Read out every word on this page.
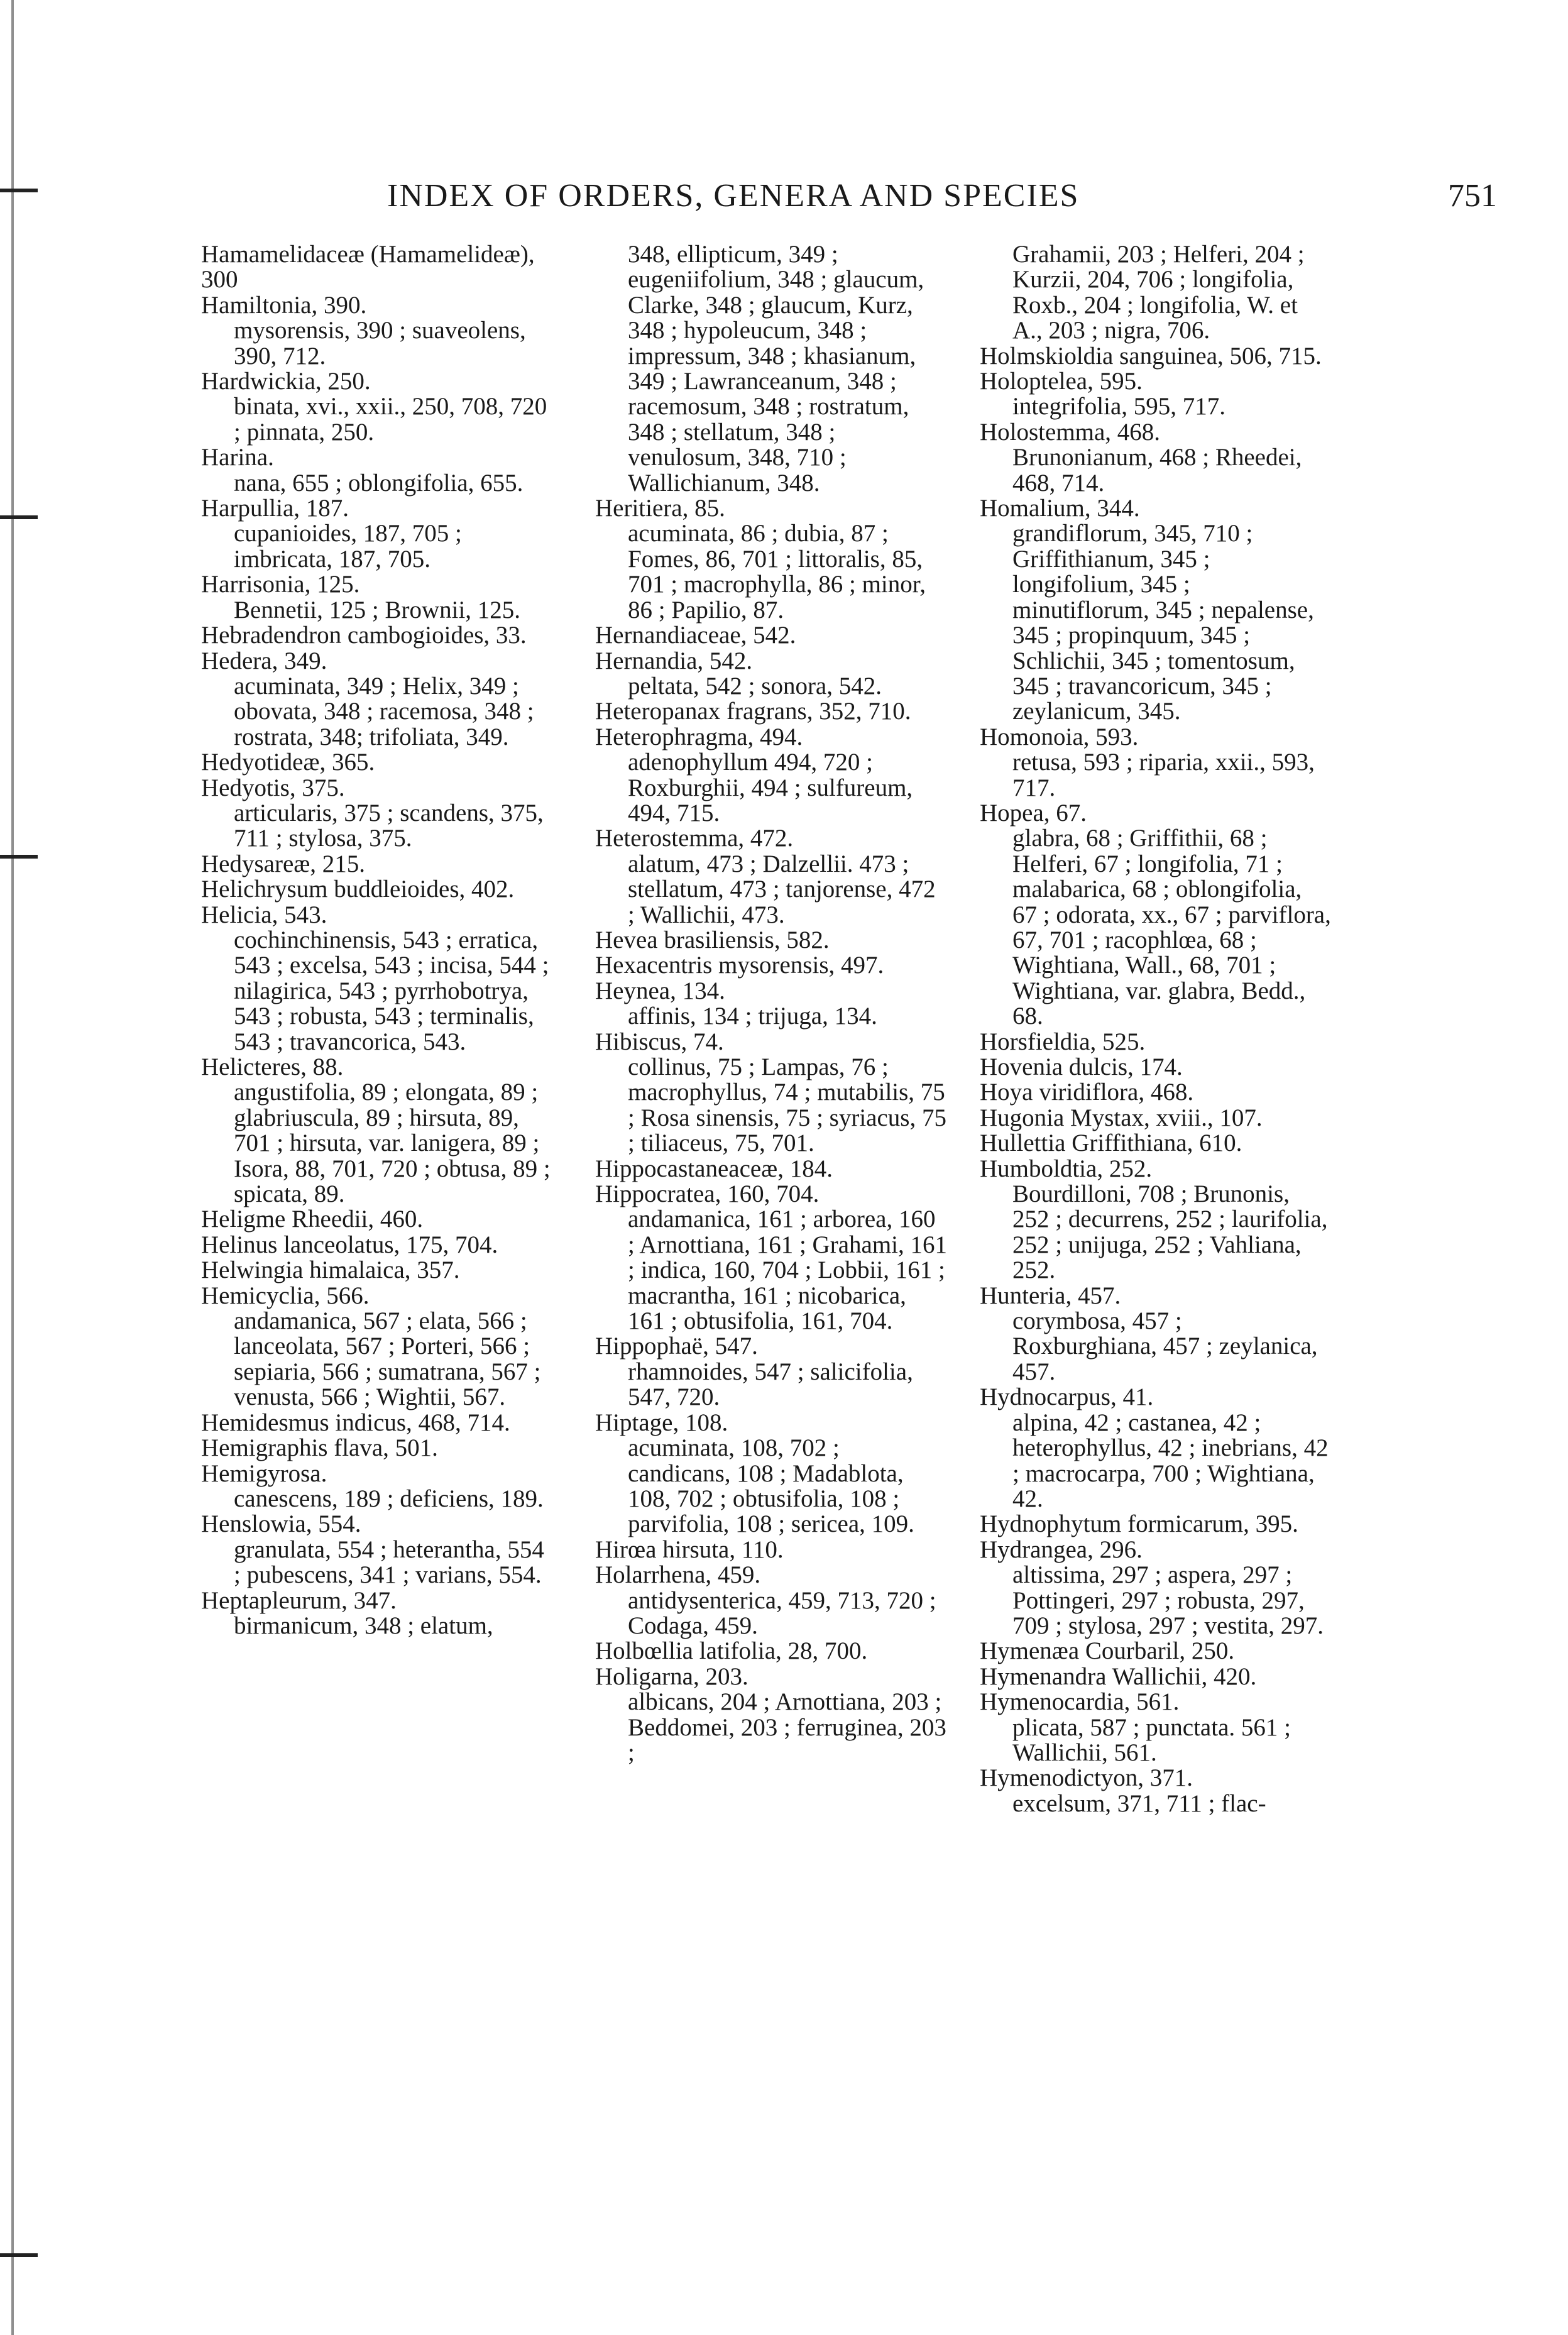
INDEX OF ORDERS, GENERA AND SPECIES	751

Hamamelidaceæ (Hamamelideæ), 300

Hamiltonia, 390.

mysorensis, 390 ; suaveolens, 390, 712.

Hardwickia, 250.

binata, xvi., xxii., 250, 708, 720 ; pinnata, 250.

Harina.

nana, 655 ; oblongifolia, 655.

Harpullia, 187.

cupanioides, 187, 705 ; imbricata, 187, 705.

Harrisonia, 125.

Bennetii, 125 ; Brownii, 125.

Hebradendron cambogioides, 33.

Hedera, 349.

acuminata, 349 ; Helix, 349 ; obovata, 348 ; racemosa, 348 ; rostrata, 348; trifoliata, 349.

Hedyotideæ, 365.

Hedyotis, 375.

articularis, 375 ; scandens, 375, 711 ; stylosa, 375.

Hedysareæ, 215.

Helichrysum buddleioides, 402.

Helicia, 543.

cochinchinensis, 543 ; erratica, 543 ; excelsa, 543 ; incisa, 544 ; nilagirica, 543 ; pyrrhobotrya, 543 ; robusta, 543 ; terminalis, 543 ; travancorica, 543.

Helicteres, 88.

angustifolia, 89 ; elongata, 89 ; glabriuscula, 89 ; hirsuta, 89, 701 ; hirsuta, var. lanigera, 89 ; Isora, 88, 701, 720 ; obtusa, 89 ; spicata, 89.

Heligme Rheedii, 460.

Helinus lanceolatus, 175, 704.

Helwingia himalaica, 357.

Hemicyclia, 566.

andamanica, 567 ; elata, 566 ; lanceolata, 567 ; Porteri, 566 ; sepiaria, 566 ; sumatrana, 567 ; venusta, 566 ; Wightii, 567.

Hemidesmus indicus, 468, 714.

Hemigraphis flava, 501.

Hemigyrosa.

canescens, 189 ; deficiens, 189.

Henslowia, 554.

granulata, 554 ; heterantha, 554 ; pubescens, 341 ; varians, 554.

Heptapleurum, 347.

birmanicum, 348 ; elatum,

348, ellipticum, 349 ; eugeniifolium, 348 ; glaucum, Clarke, 348 ; glaucum, Kurz, 348 ; hypoleucum, 348 ; impressum, 348 ; khasianum, 349 ; Lawranceanum, 348 ; racemosum, 348 ; rostratum, 348 ; stellatum, 348 ; venulosum, 348, 710 ; Wallichianum, 348.

Heritiera, 85.

acuminata, 86 ; dubia, 87 ; Fomes, 86, 701 ; littoralis, 85, 701 ; macrophylla, 86 ; minor, 86 ; Papilio, 87.

Hernandiaceae, 542.

Hernandia, 542.

peltata, 542 ; sonora, 542.

Heteropanax fragrans, 352, 710.

Heterophragma, 494.

adenophyllum 494, 720 ; Roxburghii, 494 ; sulfureum, 494, 715.

Heterostemma, 472.

alatum, 473 ; Dalzellii. 473 ; stellatum, 473 ; tanjorense, 472 ; Wallichii, 473.

Hevea brasiliensis, 582.

Hexacentris mysorensis, 497.

Heynea, 134.

affinis, 134 ; trijuga, 134.

Hibiscus, 74.

collinus, 75 ; Lampas, 76 ; macrophyllus, 74 ; mutabilis, 75 ; Rosa sinensis, 75 ; syriacus, 75 ; tiliaceus, 75, 701.

Hippocastaneaceæ, 184.

Hippocratea, 160, 704.

andamanica, 161 ; arborea, 160 ; Arnottiana, 161 ; Grahami, 161 ; indica, 160, 704 ; Lobbii, 161 ; macrantha, 161 ; nicobarica, 161 ; obtusifolia, 161, 704.

Hippophaë, 547.

rhamnoides, 547 ; salicifolia, 547, 720.

Hiptage, 108.

acuminata, 108, 702 ; candicans, 108 ; Madablota, 108, 702 ; obtusifolia, 108 ; parvifolia, 108 ; sericea, 109.

Hirœa hirsuta, 110.

Holarrhena, 459.

antidysenterica, 459, 713, 720 ; Codaga, 459.

Holbœllia latifolia, 28, 700.

Holigarna, 203.

albicans, 204 ; Arnottiana, 203 ; Beddomei, 203 ; ferruginea, 203 ;

Grahamii, 203 ; Helferi, 204 ; Kurzii, 204, 706 ; longifolia, Roxb., 204 ; longifolia, W. et A., 203 ; nigra, 706.

Holmskioldia sanguinea, 506, 715.

Holoptelea, 595.

integrifolia, 595, 717.

Holostemma, 468.

Brunonianum, 468 ; Rheedei, 468, 714.

Homalium, 344.

grandiflorum, 345, 710 ; Griffithianum, 345 ; longifolium, 345 ; minutiflorum, 345 ; nepalense, 345 ; propinquum, 345 ; Schlichii, 345 ; tomentosum, 345 ; travancoricum, 345 ; zeylanicum, 345.

Homonoia, 593.

retusa, 593 ; riparia, xxii., 593, 717.

Hopea, 67.

glabra, 68 ; Griffithii, 68 ; Helferi, 67 ; longifolia, 71 ; malabarica, 68 ; oblongifolia, 67 ; odorata, xx., 67 ; parviflora, 67, 701 ; racophlœa, 68 ; Wightiana, Wall., 68, 701 ; Wightiana, var. glabra, Bedd., 68.

Horsfieldia, 525.

Hovenia dulcis, 174.

Hoya viridiflora, 468.

Hugonia Mystax, xviii., 107.

Hullettia Griffithiana, 610.

Humboldtia, 252.

Bourdilloni, 708 ; Brunonis, 252 ; decurrens, 252 ; laurifolia, 252 ; unijuga, 252 ; Vahliana, 252.

Hunteria, 457.

corymbosa, 457 ; Roxburghiana, 457 ; zeylanica, 457.

Hydnocarpus, 41.

alpina, 42 ; castanea, 42 ; heterophyllus, 42 ; inebrians, 42 ; macrocarpa, 700 ; Wightiana, 42.

Hydnophytum formicarum, 395.

Hydrangea, 296.

altissima, 297 ; aspera, 297 ; Pottingeri, 297 ; robusta, 297, 709 ; stylosa, 297 ; vestita, 297.

Hymenæa Courbaril, 250.

Hymenandra Wallichii, 420.

Hymenocardia, 561.

plicata, 587 ; punctata. 561 ; Wallichii, 561.

Hymenodictyon, 371.

excelsum, 371, 711 ; flac-
